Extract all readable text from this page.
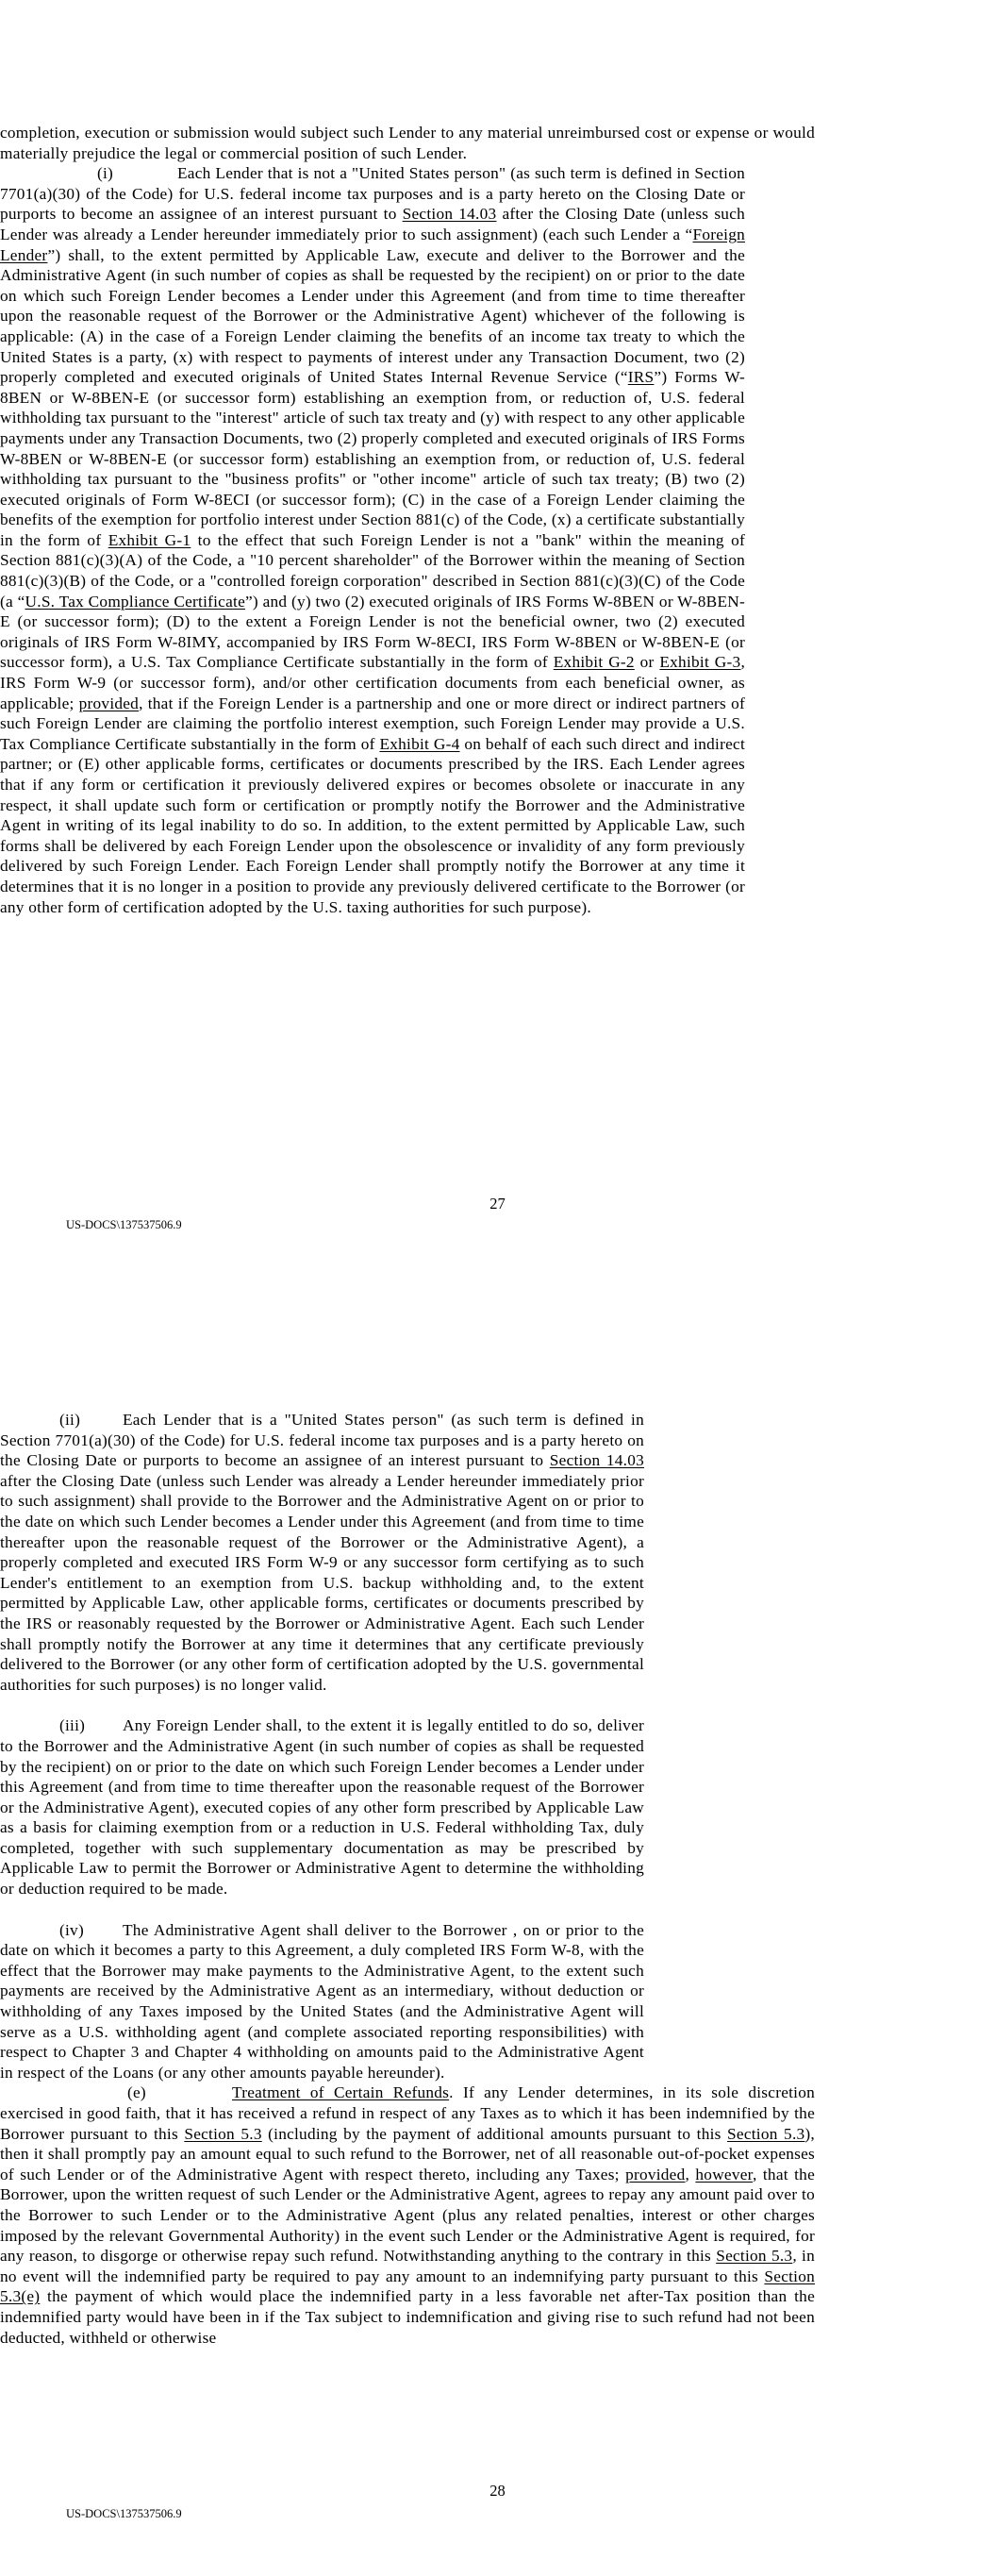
completion, execution or submission would subject such Lender to any material unreimbursed cost or expense or would materially prejudice the legal or commercial position of such Lender.

(i)	Each Lender that is not a "United States person" (as such term is defined in Section 7701(a)(30) of the Code) for U.S. federal income tax purposes and is a party hereto on the Closing Date or purports to become an assignee of an interest pursuant to Section 14.03 after the Closing Date (unless such Lender was already a Lender hereunder immediately prior to such assignment) (each such Lender a “Foreign Lender”) shall, to the extent permitted by Applicable Law, execute and deliver to the Borrower and the Administrative Agent (in such number of copies as shall be requested by the recipient) on or prior to the date on which such Foreign Lender becomes a Lender under this Agreement (and from time to time thereafter upon the reasonable request of the Borrower or the Administrative Agent) whichever of the following is applicable: (A) in the case of a Foreign Lender claiming the benefits of an income tax treaty to which the United States is a party, (x) with respect to payments of interest under any Transaction Document, two (2) properly completed and executed originals of United States Internal Revenue Service (“IRS”) Forms W-8BEN or W-8BEN-E (or successor form) establishing an exemption from, or reduction of, U.S. federal withholding tax pursuant to the "interest" article of such tax treaty and (y) with respect to any other applicable payments under any Transaction Documents, two (2) properly completed and executed originals of IRS Forms W-8BEN or W-8BEN-E (or successor form) establishing an exemption from, or reduction of, U.S. federal withholding tax pursuant to the "business profits" or "other income" article of such tax treaty; (B) two (2) executed originals of Form W-8ECI (or successor form); (C) in the case of a Foreign Lender claiming the benefits of the exemption for portfolio interest under Section 881(c) of the Code, (x) a certificate substantially in the form of Exhibit G-1 to the effect that such Foreign Lender is not a "bank" within the meaning of Section 881(c)(3)(A) of the Code, a "10 percent shareholder" of the Borrower within the meaning of Section 881(c)(3)(B) of the Code, or a "controlled foreign corporation" described in Section 881(c)(3)(C) of the Code (a “U.S. Tax Compliance Certificate”) and (y) two (2) executed originals of IRS Forms W-8BEN or W-8BEN-E (or successor form); (D) to the extent a Foreign Lender is not the beneficial owner, two (2) executed originals of IRS Form W-8IMY, accompanied by IRS Form W-8ECI, IRS Form W-8BEN or W-8BEN-E (or successor form), a U.S. Tax Compliance Certificate substantially in the form of Exhibit G-2 or Exhibit G-3, IRS Form W-9 (or successor form), and/or other certification documents from each beneficial owner, as applicable; provided, that if the Foreign Lender is a partnership and one or more direct or indirect partners of such Foreign Lender are claiming the portfolio interest exemption, such Foreign Lender may provide a U.S. Tax Compliance Certificate substantially in the form of Exhibit G-4 on behalf of each such direct and indirect partner; or (E) other applicable forms, certificates or documents prescribed by the IRS. Each Lender agrees that if any form or certification it previously delivered expires or becomes obsolete or inaccurate in any respect, it shall update such form or certification or promptly notify the Borrower and the Administrative Agent in writing of its legal inability to do so. In addition, to the extent permitted by Applicable Law, such forms shall be delivered by each Foreign Lender upon the obsolescence or invalidity of any form previously delivered by such Foreign Lender. Each Foreign Lender shall promptly notify the Borrower at any time it determines that it is no longer in a position to provide any previously delivered certificate to the Borrower (or any other form of certification adopted by the U.S. taxing authorities for such purpose).

27
US-DOCS\137537506.9

(ii)	Each Lender that is a "United States person" (as such term is defined in Section 7701(a)(30) of the Code) for U.S. federal income tax purposes and is a party hereto on the Closing Date or purports to become an assignee of an interest pursuant to Section 14.03 after the Closing Date (unless such Lender was already a Lender hereunder immediately prior to such assignment) shall provide to the Borrower and the Administrative Agent on or prior to the date on which such Lender becomes a Lender under this Agreement (and from time to time thereafter upon the reasonable request of the Borrower or the Administrative Agent), a properly completed and executed IRS Form W-9 or any successor form certifying as to such Lender's entitlement to an exemption from U.S. backup withholding and, to the extent permitted by Applicable Law, other applicable forms, certificates or documents prescribed by the IRS or reasonably requested by the Borrower or Administrative Agent. Each such Lender shall promptly notify the Borrower at any time it determines that any certificate previously delivered to the Borrower (or any other form of certification adopted by the U.S. governmental authorities for such purposes) is no longer valid.

(iii) Any Foreign Lender shall, to the extent it is legally entitled to do so, deliver to the Borrower and the Administrative Agent (in such number of copies as shall be requested by the recipient) on or prior to the date on which such Foreign Lender becomes a Lender under this Agreement (and from time to time thereafter upon the reasonable request of the Borrower or the Administrative Agent), executed copies of any other form prescribed by Applicable Law as a basis for claiming exemption from or a reduction in U.S. Federal withholding Tax, duly completed, together with such supplementary documentation as may be prescribed by Applicable Law to permit the Borrower or Administrative Agent to determine the withholding or deduction required to be made.

(iv) The Administrative Agent shall deliver to the Borrower , on or prior to the date on which it becomes a party to this Agreement, a duly completed IRS Form W-8, with the effect that the Borrower may make payments to the Administrative Agent, to the extent such payments are received by the Administrative Agent as an intermediary, without deduction or withholding of any Taxes imposed by the United States (and the Administrative Agent will serve as a U.S. withholding agent (and complete associated reporting responsibilities) with respect to Chapter 3 and Chapter 4 withholding on amounts paid to the Administrative Agent in respect of the Loans (or any other amounts payable hereunder).

(e)	Treatment of Certain Refunds. If any Lender determines, in its sole discretion exercised in good faith, that it has received a refund in respect of any Taxes as to which it has been indemnified by the Borrower pursuant to this Section 5.3 (including by the payment of additional amounts pursuant to this Section 5.3), then it shall promptly pay an amount equal to such refund to the Borrower, net of all reasonable out-of-pocket expenses of such Lender or of the Administrative Agent with respect thereto, including any Taxes; provided, however, that the Borrower, upon the written request of such Lender or the Administrative Agent, agrees to repay any amount paid over to the Borrower to such Lender or to the Administrative Agent (plus any related penalties, interest or other charges imposed by the relevant Governmental Authority) in the event such Lender or the Administrative Agent is required, for any reason, to disgorge or otherwise repay such refund. Notwithstanding anything to the contrary in this Section 5.3, in no event will the indemnified party be required to pay any amount to an indemnifying party pursuant to this Section 5.3(e) the payment of which would place the indemnified party in a less favorable net after-Tax position than the indemnified party would have been in if the Tax subject to indemnification and giving rise to such refund had not been deducted, withheld or otherwise

28
US-DOCS\137537506.9
